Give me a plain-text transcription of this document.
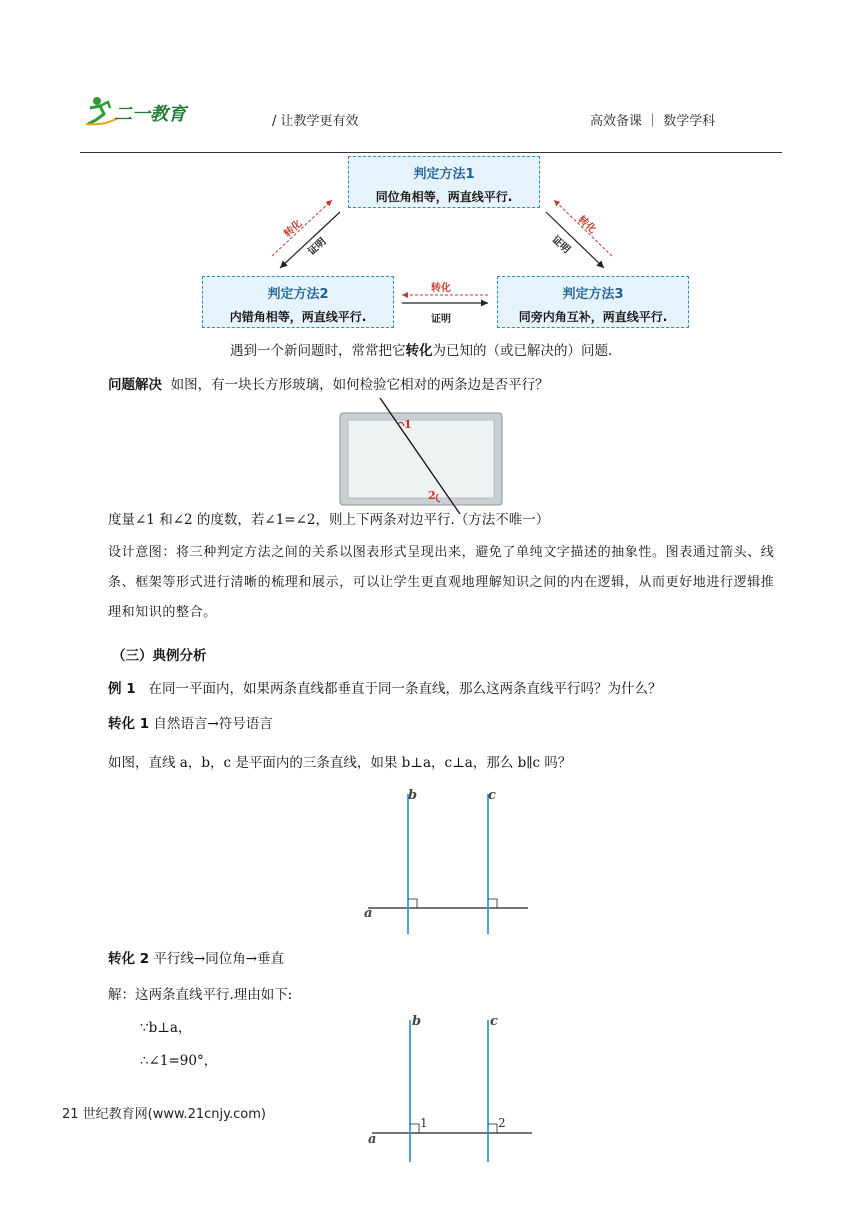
二一教育	/ 让教学更有效	高效备课 ｜ 数学学科
判定方法1
同位角相等，两直线平行.
判定方法2
内错角相等，两直线平行.
判定方法3
同旁内角互补，两直线平行.
转化
证明
转化
证明
转化
证明
遇到一个新问题时，常常把它转化为已知的（或已解决的）问题.
问题解决 如图，有一块长方形玻璃，如何检验它相对的两条边是否平行？
1
2
度量∠1 和∠2 的度数，若∠1=∠2，则上下两条对边平行.（方法不唯一）
设计意图：将三种判定方法之间的关系以图表形式呈现出来，避免了单纯文字描述的抽象性。图表通过箭头、线条、框架等形式进行清晰的梳理和展示，可以让学生更直观地理解知识之间的内在逻辑，从而更好地进行逻辑推理和知识的整合。
（三）典例分析
例 1 在同一平面内，如果两条直线都垂直于同一条直线，那么这两条直线平行吗？为什么？
转化 1 自然语言→符号语言
如图，直线 a，b，c 是平面内的三条直线，如果 b⊥a，c⊥a，那么 b∥c 吗？
b	c
a
转化 2 平行线→同位角→垂直
解：这两条直线平行.理由如下:
∵b⊥a，
∴∠1=90°，
b	c
a
1	2
21 世纪教育网(www.21cnjy.com)
